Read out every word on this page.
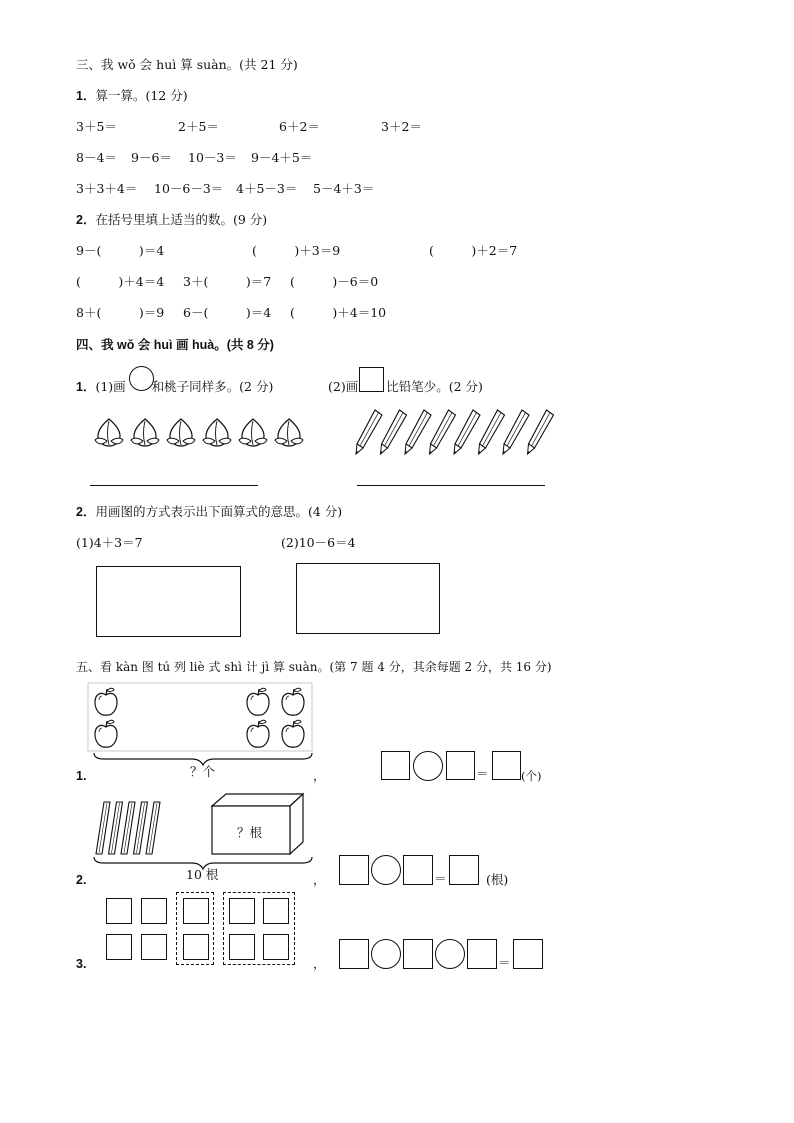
三、我 wǒ 会 huì 算 suàn。(共 21 分)
1．算一算。(12 分)
3＋5＝	2＋5＝	6＋2＝	3＋2＝
8－4＝ 9－6＝ 10－3＝ 9－4＋5＝
3＋3＋4＝ 10－6－3＝ 4＋5－3＝ 5－4＋3＝
2．在括号里填上适当的数。(9 分)
9－(　　　)＝4	(　　　)＋3＝9	(　　　)＋2＝7
(　　　)＋4＝4 3＋(　　　)＝7 (　　　)－6＝0
8＋(　　　)＝9 6－(　　　)＝4 (　　　)＋4＝10
四、我 wǒ 会 huì 画 huà。(共 8 分)
1．(1)画 和桃子同样多。(2 分)	(2)画 比铅笔少。(2 分)
2．用画图的方式表示出下面算式的意思。(4 分)
(1)4＋3＝7	(2)10－6＝4
五、看 kàn 图 tú 列 liè 式 shì 计 jì 算 suàn。(第 7 题 4 分，其余每题 2 分，共 16 分)
？个
1.	，	＝	(个)
？根
10 根
2.	，	＝	(根)
3.	，	＝
